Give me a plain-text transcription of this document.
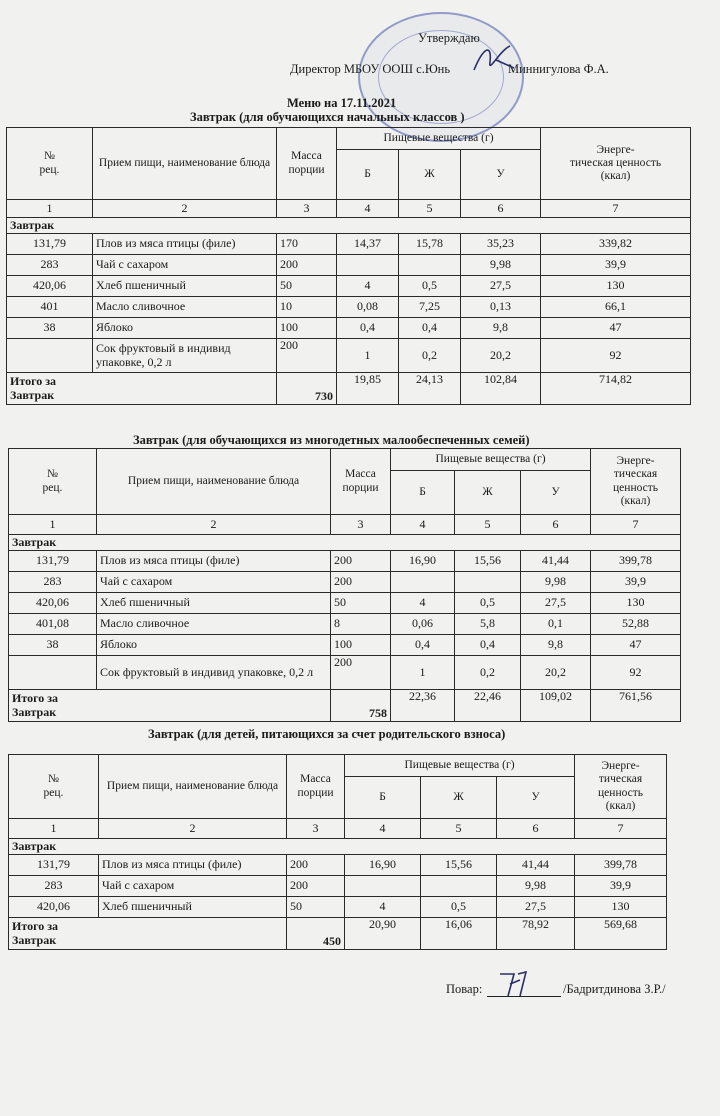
Утверждаю
Директор МБОУ ООШ с.Юнь	Миннигулова Ф.А.
Меню на 17.11.2021
Завтрак (для обучающихся начальных классов )
№
рец.	Прием пищи, наименование блюда	Масса
порции	Пищевые вещества (г)			Энерге-
тическая ценность
(ккал)
			Б	Ж	У	
1	2	3	4	5	6	7
Завтрак						
131,79	Плов из мяса птицы (филе)	170	14,37	15,78	35,23	339,82
283	Чай с сахаром	200			9,98	39,9
420,06	Хлеб пшеничный	50	4	0,5	27,5	130
401	Масло сливочное	10	0,08	7,25	0,13	66,1
38	Яблоко	100	0,4	0,4	9,8	47
	Сок фруктовый в индивид упаковке, 0,2 л	200	1	0,2	20,2	92
Итого за
Завтрак		730	19,85	24,13	102,84	714,82
Завтрак (для обучающихся из многодетных малообеспеченных семей)
№
рец.	Прием пищи, наименование блюда	Масса
порции	Пищевые вещества (г)			Энерге-
тическая ценность
(ккал)
			Б	Ж	У	
1	2	3	4	5	6	7
Завтрак						
131,79	Плов из мяса птицы (филе)	200	16,90	15,56	41,44	399,78
283	Чай с сахаром	200			9,98	39,9
420,06	Хлеб пшеничный	50	4	0,5	27,5	130
401,08	Масло сливочное	8	0,06	5,8	0,1	52,88
38	Яблоко	100	0,4	0,4	9,8	47
	Сок фруктовый в индивид упаковке, 0,2 л	200	1	0,2	20,2	92
Итого за
Завтрак		758	22,36	22,46	109,02	761,56
Завтрак (для детей, питающихся за счет родительского взноса)
№
рец.	Прием пищи, наименование блюда	Масса
порции	Пищевые вещества (г)			Энерге-
тическая ценность
(ккал)
			Б	Ж	У	
1	2	3	4	5	6	7
Завтрак						
131,79	Плов из мяса птицы (филе)	200	16,90	15,56	41,44	399,78
283	Чай с сахаром	200			9,98	39,9
420,06	Хлеб пшеничный	50	4	0,5	27,5	130
Итого за
Завтрак		450	20,90	16,06	78,92	569,68
Повар:	/Бадритдинова З.Р./
